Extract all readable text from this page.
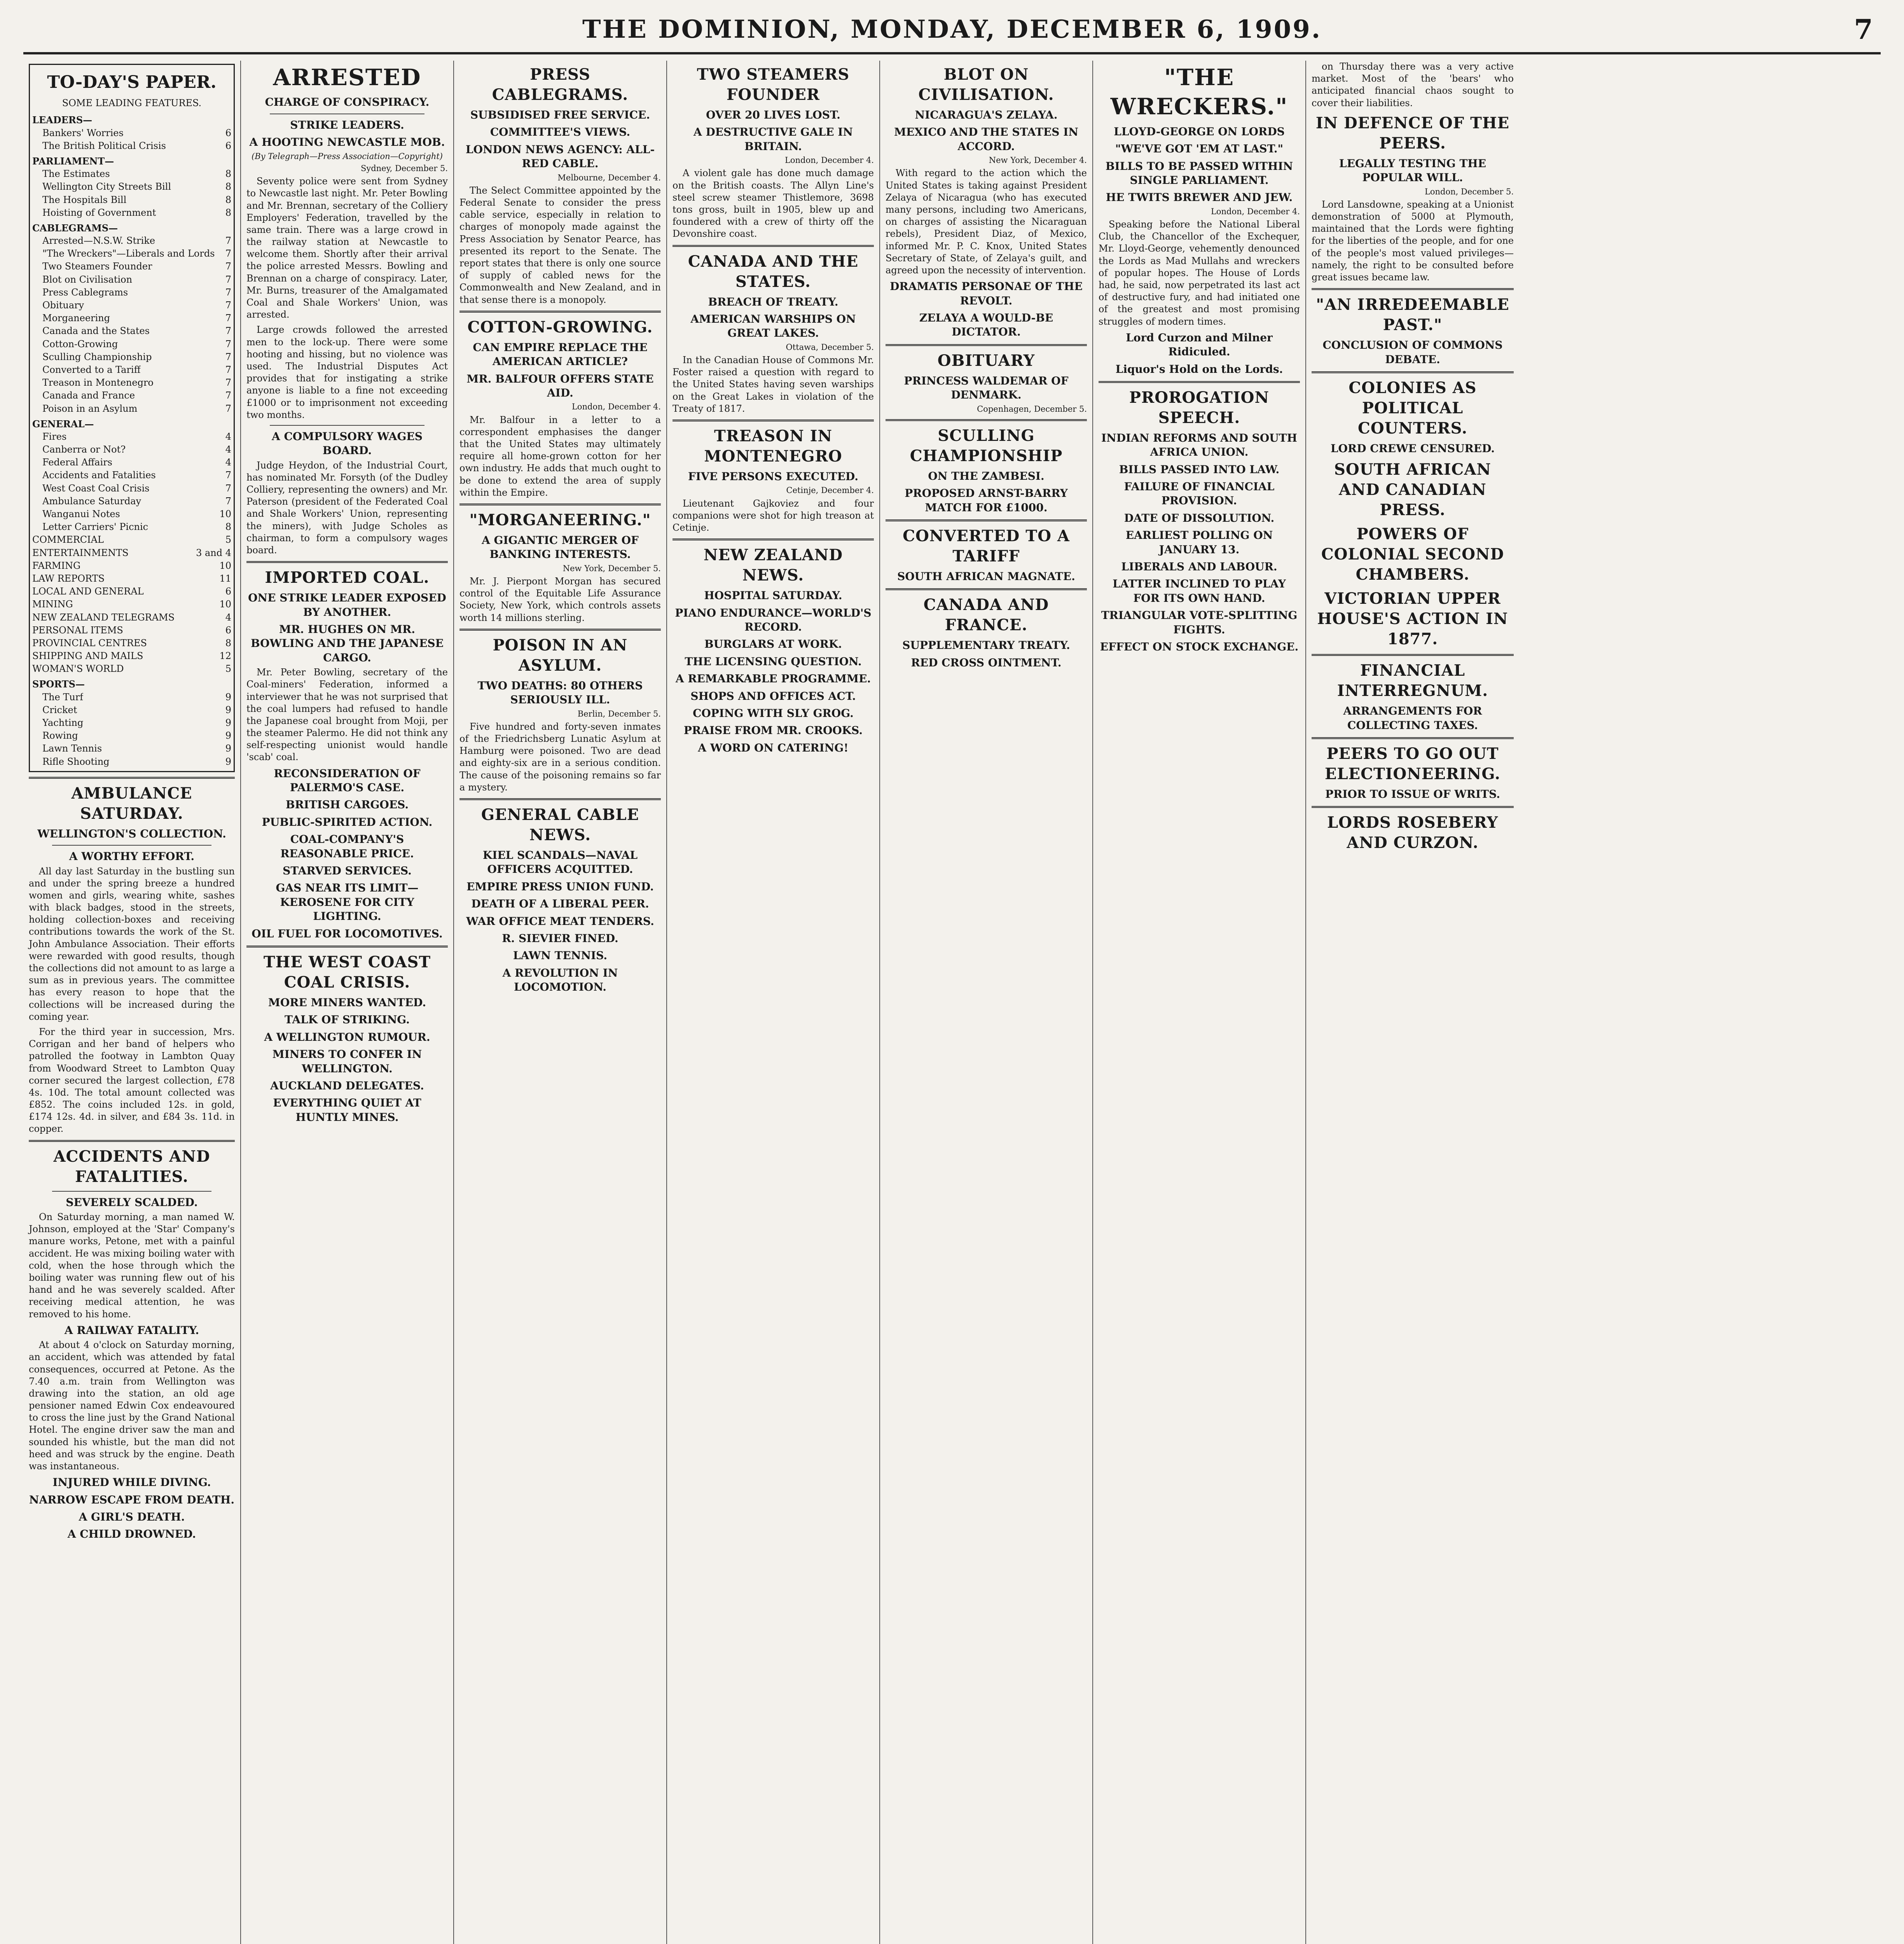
THE DOMINION, MONDAY, DECEMBER 6, 1909.	7
TO-DAY'S PAPER.
SOME LEADING FEATURES.
LEADERS—
Bankers' Worries	6
The British Political Crisis	6
PARLIAMENT—
The Estimates	8
Wellington City Streets Bill	8
The Hospitals Bill	8
Hoisting of Government	8
CABLEGRAMS—
Arrested—N.S.W. Strike	7
"The Wreckers"—Liberals and Lords 7
Two Steamers Founder	7
Blot on Civilisation	7
Press Cablegrams	7
Obituary	7
Morganeering	7
Canada and the States	7
Cotton-Growing	7
Sculling Championship	7
Converted to a Tariff	7
Treason in Montenegro	7
Canada and France	7
Poison in an Asylum	7
GENERAL—
Fires	4
Canberra or Not?	4
Federal Affairs	4
Accidents and Fatalities	7
West Coast Coal Crisis	7
Ambulance Saturday	7
Wanganui Notes	10
Letter Carriers' Picnic	8
COMMERCIAL	5
ENTERTAINMENTS	3 and 4
FARMING	10
LAW REPORTS	11
LOCAL AND GENERAL	6
MINING	10
NEW ZEALAND TELEGRAMS	4
PERSONAL ITEMS	6
PROVINCIAL CENTRES	8
SHIPPING AND MAILS	12
WOMAN'S WORLD	5
SPORTS—
The Turf	9
Cricket	9
Yachting	9
Rowing	9
Lawn Tennis	9
Rifle Shooting	9
AMBULANCE SATURDAY.
WELLINGTON'S COLLECTION.
A WORTHY EFFORT.

All day last Saturday in the bustling sun and under the spring breeze a hundred women and girls, wearing white, sashes with black badges, stood in the streets, holding collection-boxes and receiving contributions towards the work of the St. John Ambulance Association. Their efforts were rewarded with good results, though the collections did not amount to as large a sum as in previous years. The committee has every reason to hope that the collections will be increased during the coming year.

For the third year in succession, Mrs. Corrigan and her band of helpers who patrolled the footway in Lambton Quay from Woodward Street to Lambton Quay corner secured the largest collection, £78 4s. 10d. The total amount collected was £852. The coins included 12s. in gold, £174 12s. 4d. in silver, and £84 3s. 11d. in copper.

ACCIDENTS AND FATALITIES.
SEVERELY SCALDED.

On Saturday morning, a man named W. Johnson, employed at the 'Star' Company's manure works, Petone, met with a painful accident. He was mixing boiling water with cold, when the hose through which the boiling water was running flew out of his hand and he was severely scalded. After receiving medical attention, he was removed to his home.

A RAILWAY FATALITY.

At about 4 o'clock on Saturday morning, an accident, which was attended by fatal consequences, occurred at Petone. As the 7.40 a.m. train from Wellington was drawing into the station, an old age pensioner named Edwin Cox endeavoured to cross the line just by the Grand National Hotel. The engine driver saw the man and sounded his whistle, but the man did not heed and was struck by the engine. Death was instantaneous.

INJURED WHILE DIVING.
NARROW ESCAPE FROM DEATH.
A GIRL'S DEATH.
A CHILD DROWNED.
ARRESTED
CHARGE OF CONSPIRACY.
STRIKE LEADERS.
A HOOTING NEWCASTLE MOB.
(By Telegraph—Press Association—Copyright)
Sydney, December 5.

Seventy police were sent from Sydney to Newcastle last night. Mr. Peter Bowling and Mr. Brennan, secretary of the Colliery Employers' Federation, travelled by the same train. There was a large crowd in the railway station at Newcastle to welcome them. Shortly after their arrival the police arrested Messrs. Bowling and Brennan on a charge of conspiracy. Later, Mr. Burns, treasurer of the Amalgamated Coal and Shale Workers' Union, was arrested.

Large crowds followed the arrested men to the lock-up. There were some hooting and hissing, but no violence was used. The Industrial Disputes Act provides that for instigating a strike anyone is liable to a fine not exceeding £1000 or to imprisonment not exceeding two months.

A COMPULSORY WAGES BOARD.

Judge Heydon, of the Industrial Court, has nominated Mr. Forsyth (of the Dudley Colliery, representing the owners) and Mr. Paterson (president of the Federated Coal and Shale Workers' Union, representing the miners), with Judge Scholes as chairman, to form a compulsory wages board.

IMPORTED COAL.
ONE STRIKE LEADER EXPOSED BY ANOTHER.
MR. HUGHES ON MR. BOWLING AND THE JAPANESE CARGO.

Mr. Peter Bowling, secretary of the Coal-miners' Federation, informed a interviewer that he was not surprised that the coal lumpers had refused to handle the Japanese coal brought from Moji, per the steamer Palermo. He did not think any self-respecting unionist would handle 'scab' coal.

RECONSIDERATION OF PALERMO'S CASE.
BRITISH CARGOES.
PUBLIC-SPIRITED ACTION.
COAL-COMPANY'S REASONABLE PRICE.
STARVED SERVICES.
GAS NEAR ITS LIMIT—KEROSENE FOR CITY LIGHTING.
OIL FUEL FOR LOCOMOTIVES.
THE WEST COAST COAL CRISIS.
MORE MINERS WANTED.
TALK OF STRIKING.
A WELLINGTON RUMOUR.
MINERS TO CONFER IN WELLINGTON.
AUCKLAND DELEGATES.
EVERYTHING QUIET AT HUNTLY MINES.
PRESS CABLEGRAMS.
SUBSIDISED FREE SERVICE.
COMMITTEE'S VIEWS.
LONDON NEWS AGENCY: ALL-RED CABLE.
Melbourne, December 4.

The Select Committee appointed by the Federal Senate to consider the press cable service, especially in relation to charges of monopoly made against the Press Association by Senator Pearce, has presented its report to the Senate. The report states that there is only one source of supply of cabled news for the Commonwealth and New Zealand, and in that sense there is a monopoly.

COTTON-GROWING.
CAN EMPIRE REPLACE THE AMERICAN ARTICLE?
MR. BALFOUR OFFERS STATE AID.
London, December 4.

Mr. Balfour in a letter to a correspondent emphasises the danger that the United States may ultimately require all home-grown cotton for her own industry. He adds that much ought to be done to extend the area of supply within the Empire.

"MORGANEERING."
A GIGANTIC MERGER OF BANKING INTERESTS.
New York, December 5.

Mr. J. Pierpont Morgan has secured control of the Equitable Life Assurance Society, New York, which controls assets worth 14 millions sterling.

POISON IN AN ASYLUM.
TWO DEATHS: 80 OTHERS SERIOUSLY ILL.
Berlin, December 5.

Five hundred and forty-seven inmates of the Friedrichsberg Lunatic Asylum at Hamburg were poisoned. Two are dead and eighty-six are in a serious condition. The cause of the poisoning remains so far a mystery.

GENERAL CABLE NEWS.
KIEL SCANDALS—NAVAL OFFICERS ACQUITTED.
EMPIRE PRESS UNION FUND.
DEATH OF A LIBERAL PEER.
WAR OFFICE MEAT TENDERS.
R. SIEVIER FINED.
LAWN TENNIS.
A REVOLUTION IN LOCOMOTION.
TWO STEAMERS FOUNDER
OVER 20 LIVES LOST.
A DESTRUCTIVE GALE IN BRITAIN.
London, December 4.

A violent gale has done much damage on the British coasts. The Allyn Line's steel screw steamer Thistlemore, 3698 tons gross, built in 1905, blew up and foundered with a crew of thirty off the Devonshire coast.

CANADA AND THE STATES.
BREACH OF TREATY.
AMERICAN WARSHIPS ON GREAT LAKES.
Ottawa, December 5.

In the Canadian House of Commons Mr. Foster raised a question with regard to the United States having seven warships on the Great Lakes in violation of the Treaty of 1817.

TREASON IN MONTENEGRO
FIVE PERSONS EXECUTED.
Cetinje, December 4.

Lieutenant Gajkoviez and four companions were shot for high treason at Cetinje.

NEW ZEALAND NEWS.
HOSPITAL SATURDAY.
PIANO ENDURANCE—WORLD'S RECORD.
BURGLARS AT WORK.
THE LICENSING QUESTION.
A REMARKABLE PROGRAMME.
SHOPS AND OFFICES ACT.
COPING WITH SLY GROG.
PRAISE FROM MR. CROOKS.
A WORD ON CATERING!
BLOT ON CIVILISATION.
NICARAGUA'S ZELAYA.
MEXICO AND THE STATES IN ACCORD.
New York, December 4.

With regard to the action which the United States is taking against President Zelaya of Nicaragua (who has executed many persons, including two Americans, on charges of assisting the Nicaraguan rebels), President Diaz, of Mexico, informed Mr. P. C. Knox, United States Secretary of State, of Zelaya's guilt, and agreed upon the necessity of intervention.

DRAMATIS PERSONAE OF THE REVOLT.
ZELAYA A WOULD-BE DICTATOR.
OBITUARY
PRINCESS WALDEMAR OF DENMARK.
Copenhagen, December 5.
SCULLING CHAMPIONSHIP
ON THE ZAMBESI.
PROPOSED ARNST-BARRY MATCH FOR £1000.
CONVERTED TO A TARIFF
SOUTH AFRICAN MAGNATE.
CANADA AND FRANCE.
SUPPLEMENTARY TREATY.
RED CROSS OINTMENT.
"THE WRECKERS."
LLOYD-GEORGE ON LORDS
"WE'VE GOT 'EM AT LAST."
BILLS TO BE PASSED WITHIN SINGLE PARLIAMENT.
HE TWITS BREWER AND JEW.
London, December 4.

Speaking before the National Liberal Club, the Chancellor of the Exchequer, Mr. Lloyd-George, vehemently denounced the Lords as Mad Mullahs and wreckers of popular hopes. The House of Lords had, he said, now perpetrated its last act of destructive fury, and had initiated one of the greatest and most promising struggles of modern times.

Lord Curzon and Milner Ridiculed.
Liquor's Hold on the Lords.
PROROGATION SPEECH.
INDIAN REFORMS AND SOUTH AFRICA UNION.
BILLS PASSED INTO LAW.
FAILURE OF FINANCIAL PROVISION.
DATE OF DISSOLUTION.
EARLIEST POLLING ON JANUARY 13.
LIBERALS AND LABOUR.
LATTER INCLINED TO PLAY FOR ITS OWN HAND.
TRIANGULAR VOTE-SPLITTING FIGHTS.
EFFECT ON STOCK EXCHANGE.

on Thursday there was a very active market. Most of the 'bears' who anticipated financial chaos sought to cover their liabilities.

IN DEFENCE OF THE PEERS.
LEGALLY TESTING THE POPULAR WILL.
London, December 5.

Lord Lansdowne, speaking at a Unionist demonstration of 5000 at Plymouth, maintained that the Lords were fighting for the liberties of the people, and for one of the people's most valued privileges—namely, the right to be consulted before great issues became law.

"AN IRREDEEMABLE PAST."
CONCLUSION OF COMMONS DEBATE.
COLONIES AS POLITICAL COUNTERS.
LORD CREWE CENSURED.
SOUTH AFRICAN AND CANADIAN PRESS.
POWERS OF COLONIAL SECOND CHAMBERS.
VICTORIAN UPPER HOUSE'S ACTION IN 1877.
FINANCIAL INTERREGNUM.
ARRANGEMENTS FOR COLLECTING TAXES.
PEERS TO GO OUT ELECTIONEERING.
PRIOR TO ISSUE OF WRITS.
LORDS ROSEBERY AND CURZON.
